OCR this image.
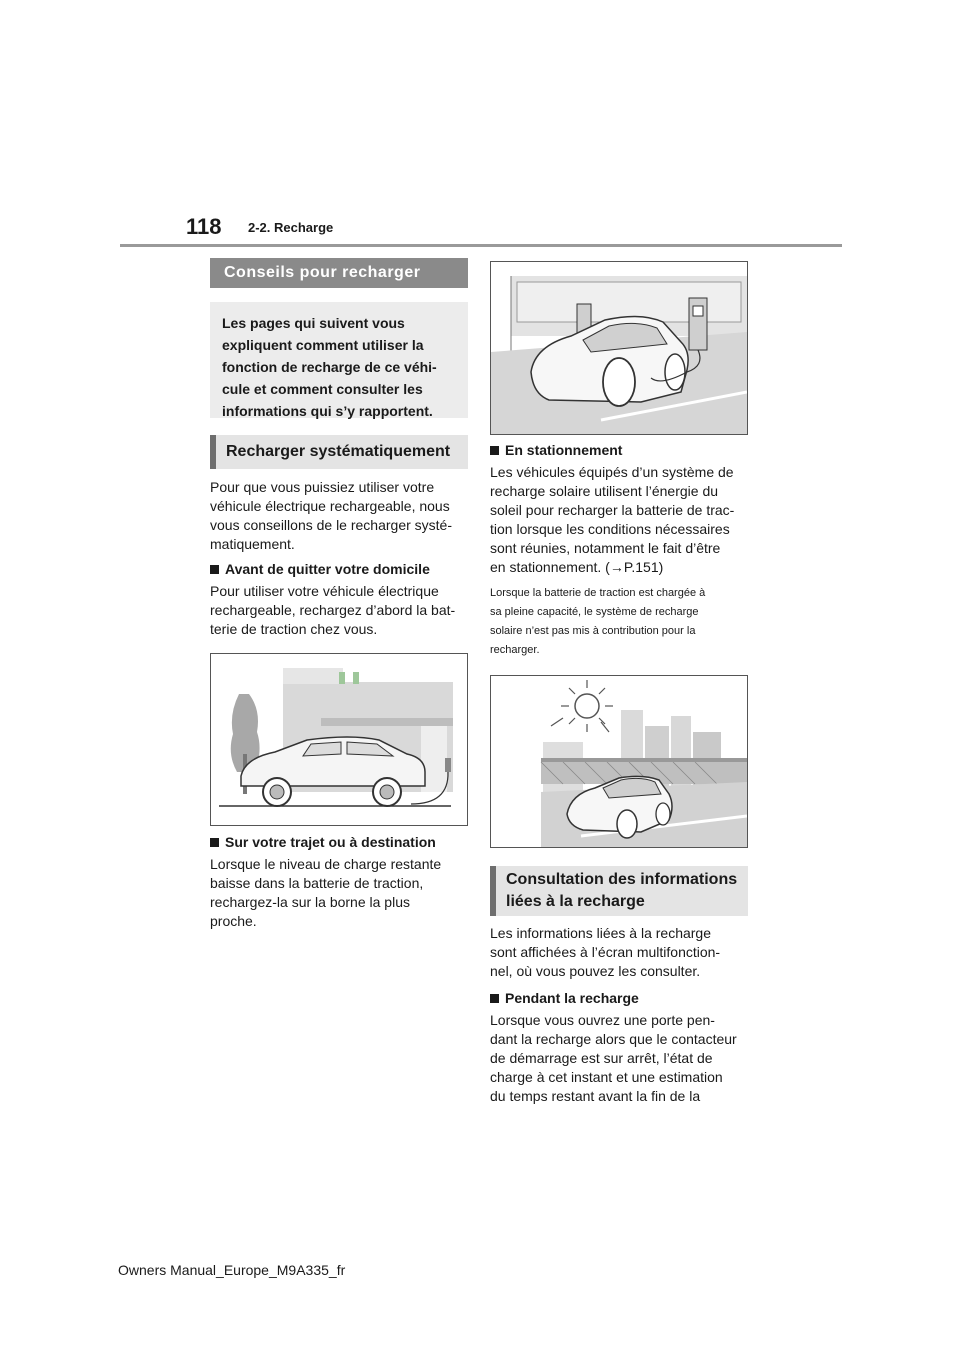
118 2-2. Recharge
Conseils pour recharger
Les pages qui suivent vous
expliquent comment utiliser la
fonction de recharge de ce véhi-
cule et comment consulter les
informations qui s’y rapportent.
Recharger systématiquement
Pour que vous puissiez utiliser votre
véhicule électrique rechargeable, nous
vous conseillons de le recharger systé-
matiquement.
Avant de quitter votre domicile
Pour utiliser votre véhicule électrique
rechargeable, rechargez d’abord la bat-
terie de traction chez vous.
Sur votre trajet ou à destination
Lorsque le niveau de charge restante
baisse dans la batterie de traction,
rechargez-la sur la borne la plus
proche.
En stationnement
Les véhicules équipés d’un système de
recharge solaire utilisent l’énergie du
soleil pour recharger la batterie de trac-
tion lorsque les conditions nécessaires
sont réunies, notamment le fait d’être
en stationnement. (→P.151)
Lorsque la batterie de traction est chargée à
sa pleine capacité, le système de recharge
solaire n’est pas mis à contribution pour la
recharger.
Consultation des informations
liées à la recharge
Les informations liées à la recharge
sont affichées à l’écran multifonction-
nel, où vous pouvez les consulter.
Pendant la recharge
Lorsque vous ouvrez une porte pen-
dant la recharge alors que le contacteur
de démarrage est sur arrêt, l’état de
charge à cet instant et une estimation
du temps restant avant la fin de la
Owners Manual_Europe_M9A335_fr
